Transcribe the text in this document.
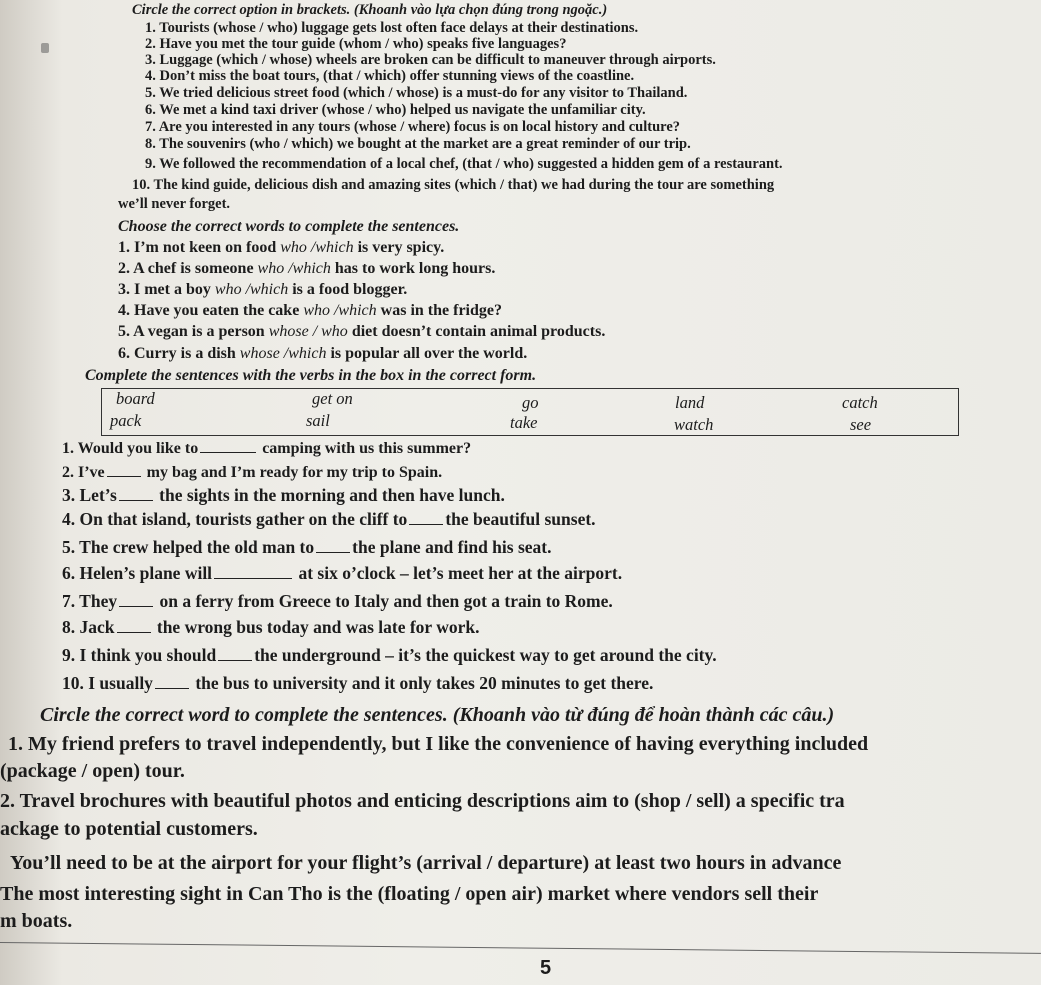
Circle the correct option in brackets. (Khoanh vào lựa chọn đúng trong ngoặc.)
1. Tourists (whose / who) luggage gets lost often face delays at their destinations.
2. Have you met the tour guide (whom / who) speaks five languages?
3. Luggage (which / whose) wheels are broken can be difficult to maneuver through airports.
4. Don’t miss the boat tours, (that / which) offer stunning views of the coastline.
5. We tried delicious street food (which / whose) is a must-do for any visitor to Thailand.
6. We met a kind taxi driver (whose / who) helped us navigate the unfamiliar city.
7. Are you interested in any tours (whose / where) focus is on local history and culture?
8. The souvenirs (who / which) we bought at the market are a great reminder of our trip.
9. We followed the recommendation of a local chef, (that / who) suggested a hidden gem of a restaurant.
10. The kind guide, delicious dish and amazing sites (which / that) we had during the tour are something
we’ll never forget.
Choose the correct words to complete the sentences.
1. I’m not keen on food who /which is very spicy.
2. A chef is someone who /which has to work long hours.
3. I met a boy who /which is a food blogger.
4. Have you eaten the cake who /which was in the fridge?
5. A vegan is a person whose / who diet doesn’t contain animal products.
6. Curry is a dish whose /which is popular all over the world.
Complete the sentences with the verbs in the box in the correct form.
board	get on	go	land	catch
pack	sail	take	watch	see
1. Would you like to	camping with us this summer?
2. I’ve my bag and I’m ready for my trip to Spain.
3. Let’s the sights in the morning and then have lunch.
4. On that island, tourists gather on the cliff to the beautiful sunset.
5. The crew helped the old man to the plane and find his seat.
6. Helen’s plane will	at six o’clock – let’s meet her at the airport.
7. They on a ferry from Greece to Italy and then got a train to Rome.
8. Jack the wrong bus today and was late for work.
9. I think you should the underground – it’s the quickest way to get around the city.
10. I usually the bus to university and it only takes 20 minutes to get there.
Circle the correct word to complete the sentences. (Khoanh vào từ đúng để hoàn thành các câu.)
1. My friend prefers to travel independently, but I like the convenience of having everything included
(package / open) tour.
2. Travel brochures with beautiful photos and enticing descriptions aim to (shop / sell) a specific tra
ackage to potential customers.
You’ll need to be at the airport for your flight’s (arrival / departure) at least two hours in advance
The most interesting sight in Can Tho is the (floating / open air) market where vendors sell their
m boats.
5
